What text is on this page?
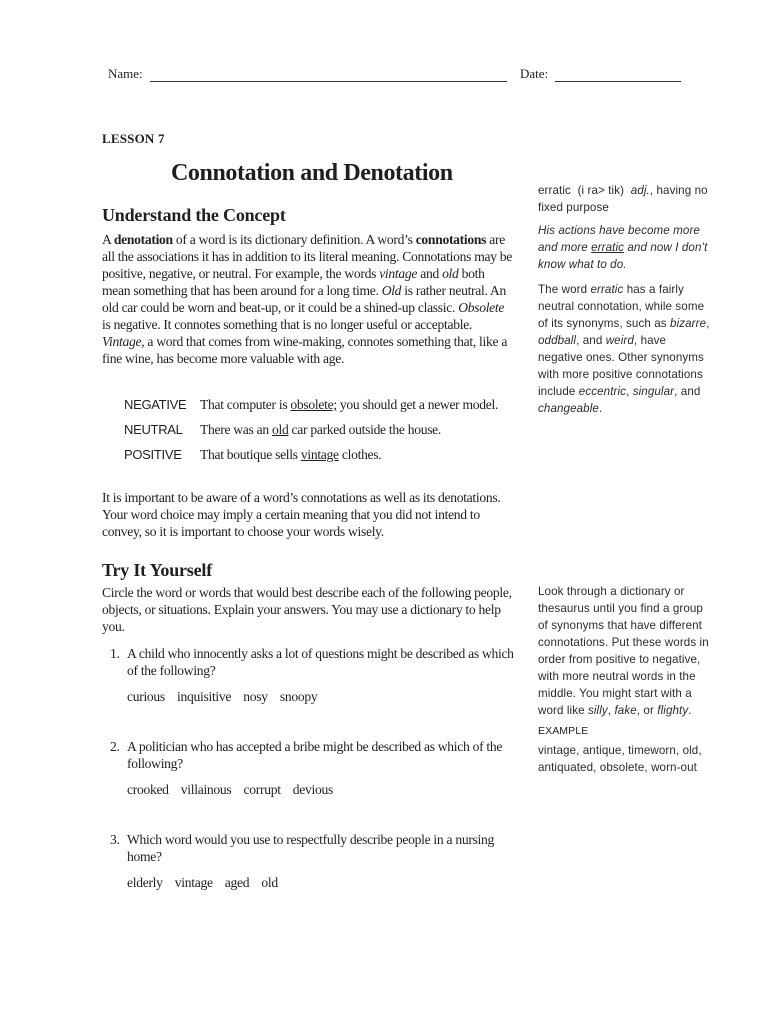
Name:	Date:
LESSON 7
Connotation and Denotation
Understand the Concept
A denotation of a word is its dictionary definition. A word’s connotations are all the associations it has in addition to its literal meaning. Connotations may be positive, negative, or neutral. For example, the words vintage and old both mean something that has been around for a long time. Old is rather neutral. An old car could be worn and beat-up, or it could be a shined-up classic. Obsolete is negative. It connotes something that is no longer useful or acceptable. Vintage, a word that comes from wine-making, connotes something that, like a fine wine, has become more valuable with age.
NEGATIVE That computer is obsolete; you should get a newer model.
NEUTRAL There was an old car parked outside the house.
POSITIVE That boutique sells vintage clothes.
It is important to be aware of a word’s connotations as well as its denotations. Your word choice may imply a certain meaning that you did not intend to convey, so it is important to choose your words wisely.
Try It Yourself
Circle the word or words that would best describe each of the following people, objects, or situations. Explain your answers. You may use a dictionary to help you.
1. A child who innocently asks a lot of questions might be described as which of the following?
curious inquisitive nosy snoopy
2. A politician who has accepted a bribe might be described as which of the following?
crooked villainous corrupt devious
3. Which word would you use to respectfully describe people in a nursing home?
elderly vintage aged old
erratic (i ra> tik) adj., having no fixed purpose
His actions have become more and more erratic and now I don’t know what to do.
The word erratic has a fairly neutral connotation, while some of its synonyms, such as bizarre, oddball, and weird, have negative ones. Other synonyms with more positive connotations include eccentric, singular, and changeable.
Look through a dictionary or thesaurus until you find a group of synonyms that have different connotations. Put these words in order from positive to negative, with more neutral words in the middle. You might start with a word like silly, fake, or flighty.
EXAMPLE
vintage, antique, timeworn, old, antiquated, obsolete, worn-out
